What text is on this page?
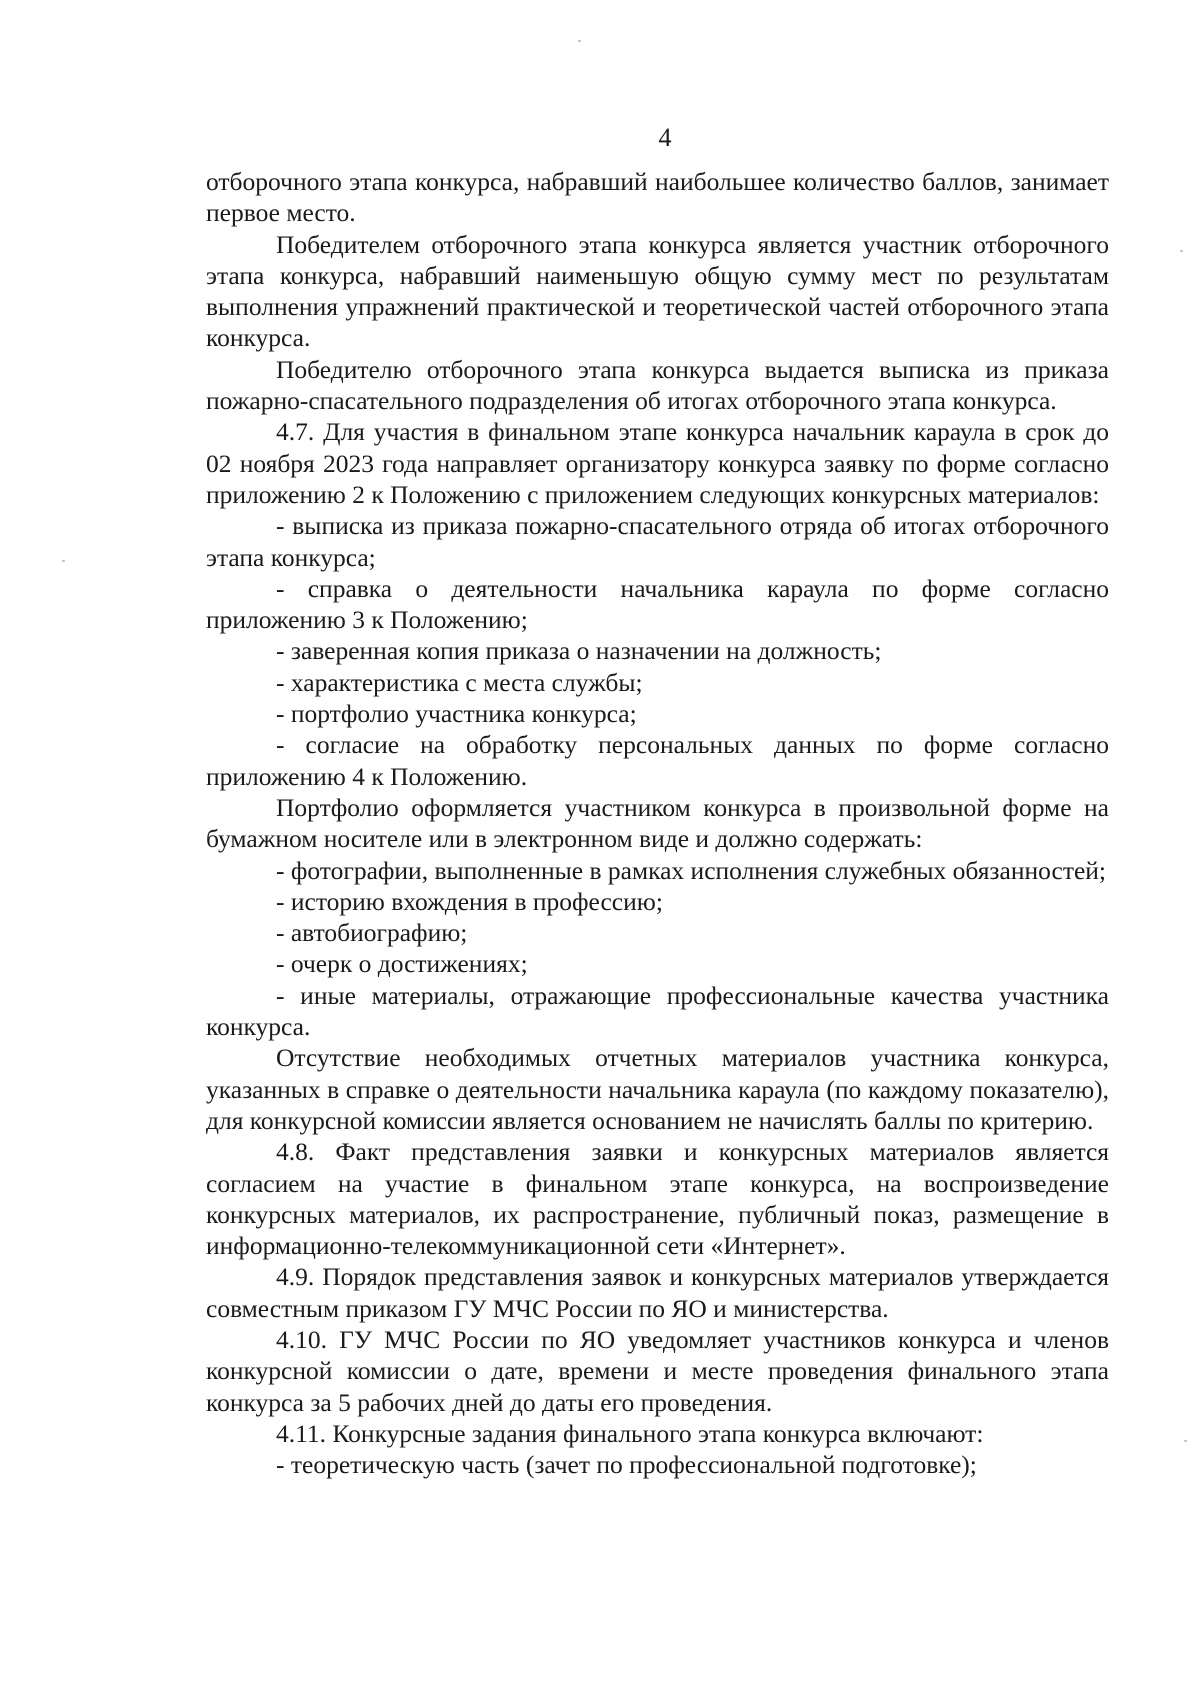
4

отборочного этапа конкурса, набравший наибольшее количество баллов, занимает первое место.

Победителем отборочного этапа конкурса является участник отборочного этапа конкурса, набравший наименьшую общую сумму мест по результатам выполнения упражнений практической и теоретической частей отборочного этапа конкурса.

Победителю отборочного этапа конкурса выдается выписка из приказа пожарно-спасательного подразделения об итогах отборочного этапа конкурса.

4.7. Для участия в финальном этапе конкурса начальник караула в срок до 02 ноября 2023 года направляет организатору конкурса заявку по форме согласно приложению 2 к Положению с приложением следующих конкурсных материалов:

- выписка из приказа пожарно-спасательного отряда об итогах отборочного этапа конкурса;

- справка о деятельности начальника караула по форме согласно приложению 3 к Положению;

- заверенная копия приказа о назначении на должность;

- характеристика с места службы;

- портфолио участника конкурса;

- согласие на обработку персональных данных по форме согласно приложению 4 к Положению.

Портфолио оформляется участником конкурса в произвольной форме на бумажном носителе или в электронном виде и должно содержать:

- фотографии, выполненные в рамках исполнения служебных обязанностей;

- историю вхождения в профессию;

- автобиографию;

- очерк о достижениях;

- иные материалы, отражающие профессиональные качества участника конкурса.

Отсутствие необходимых отчетных материалов участника конкурса, указанных в справке о деятельности начальника караула (по каждому показателю), для конкурсной комиссии является основанием не начислять баллы по критерию.

4.8. Факт представления заявки и конкурсных материалов является согласием на участие в финальном этапе конкурса, на воспроизведение конкурсных материалов, их распространение, публичный показ, размещение в информационно-телекоммуникационной сети «Интернет».

4.9. Порядок представления заявок и конкурсных материалов утверждается совместным приказом ГУ МЧС России по ЯО и министерства.

4.10. ГУ МЧС России по ЯО уведомляет участников конкурса и членов конкурсной комиссии о дате, времени и месте проведения финального этапа конкурса за 5 рабочих дней до даты его проведения.

4.11. Конкурсные задания финального этапа конкурса включают:

- теоретическую часть (зачет по профессиональной подготовке);
